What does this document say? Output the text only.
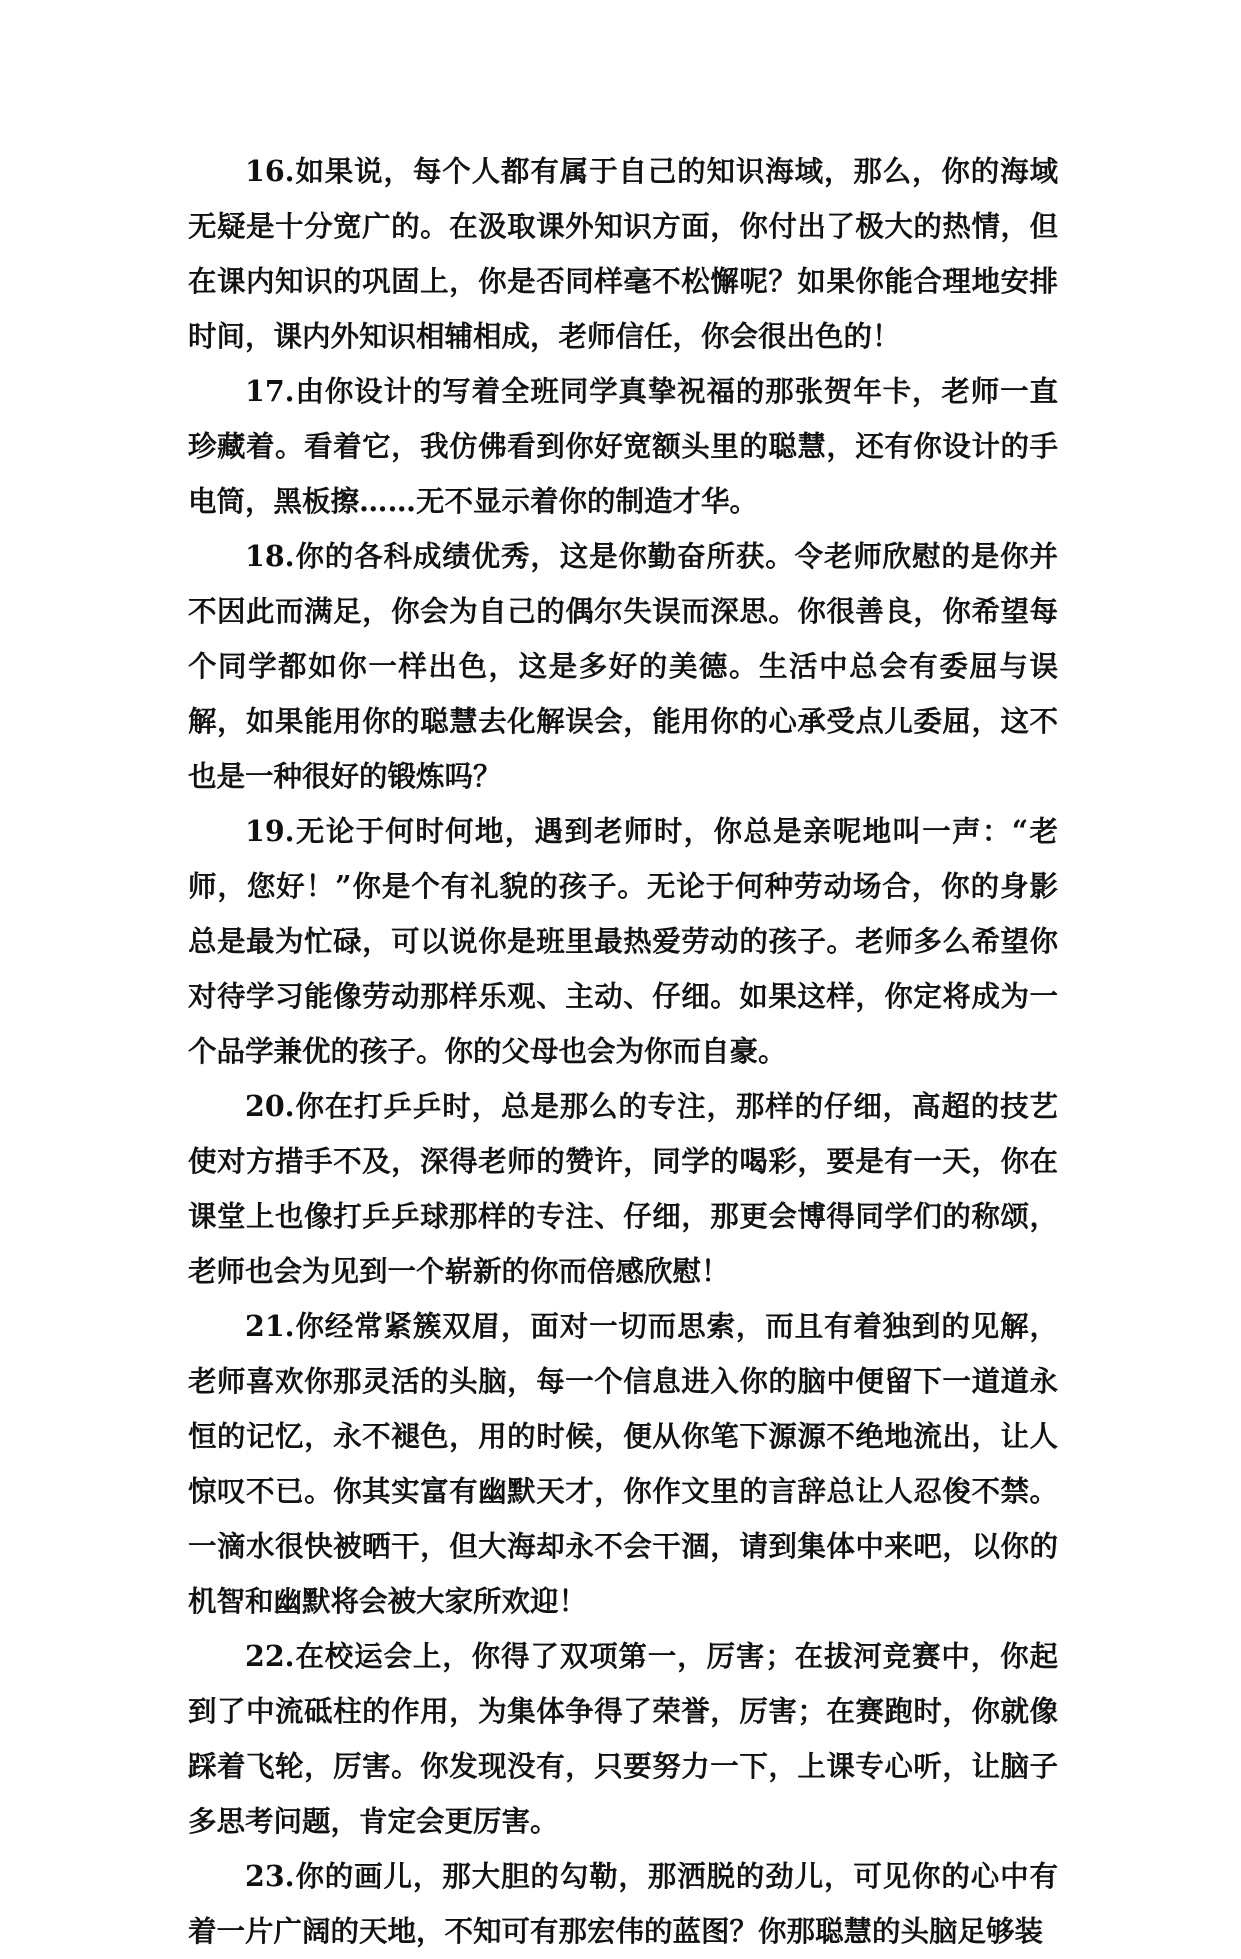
16.如果说，每个人都有属于自己的知识海域，那么，你的海域无疑是十分宽广的。在汲取课外知识方面，你付出了极大的热情，但在课内知识的巩固上，你是否同样毫不松懈呢？如果你能合理地安排时间，课内外知识相辅相成，老师信任，你会很出色的！

17.由你设计的写着全班同学真挚祝福的那张贺年卡，老师一直珍藏着。看着它，我仿佛看到你好宽额头里的聪慧，还有你设计的手电筒，黑板擦……无不显示着你的制造才华。

18.你的各科成绩优秀，这是你勤奋所获。令老师欣慰的是你并不因此而满足，你会为自己的偶尔失误而深思。你很善良，你希望每个同学都如你一样出色，这是多好的美德。生活中总会有委屈与误解，如果能用你的聪慧去化解误会，能用你的心承受点儿委屈，这不也是一种很好的锻炼吗？

19.无论于何时何地，遇到老师时，你总是亲呢地叫一声：“老师，您好！”你是个有礼貌的孩子。无论于何种劳动场合，你的身影总是最为忙碌，可以说你是班里最热爱劳动的孩子。老师多么希望你对待学习能像劳动那样乐观、主动、仔细。如果这样，你定将成为一个品学兼优的孩子。你的父母也会为你而自豪。

20.你在打乒乒时，总是那么的专注，那样的仔细，高超的技艺使对方措手不及，深得老师的赞许，同学的喝彩，要是有一天，你在课堂上也像打乒乒球那样的专注、仔细，那更会博得同学们的称颂，老师也会为见到一个崭新的你而倍感欣慰！

21.你经常紧簇双眉，面对一切而思索，而且有着独到的见解，老师喜欢你那灵活的头脑，每一个信息进入你的脑中便留下一道道永恒的记忆，永不褪色，用的时候，便从你笔下源源不绝地流出，让人惊叹不已。你其实富有幽默天才，你作文里的言辞总让人忍俊不禁。一滴水很快被晒干，但大海却永不会干涸，请到集体中来吧，以你的机智和幽默将会被大家所欢迎！

22.在校运会上，你得了双项第一，厉害；在拔河竞赛中，你起到了中流砥柱的作用，为集体争得了荣誉，厉害；在赛跑时，你就像踩着飞轮，厉害。你发现没有，只要努力一下，上课专心听，让脑子多思考问题，肯定会更厉害。

23.你的画儿，那大胆的勾勒，那洒脱的劲儿，可见你的心中有着一片广阔的天地，不知可有那宏伟的蓝图？你那聪慧的头脑足够装
